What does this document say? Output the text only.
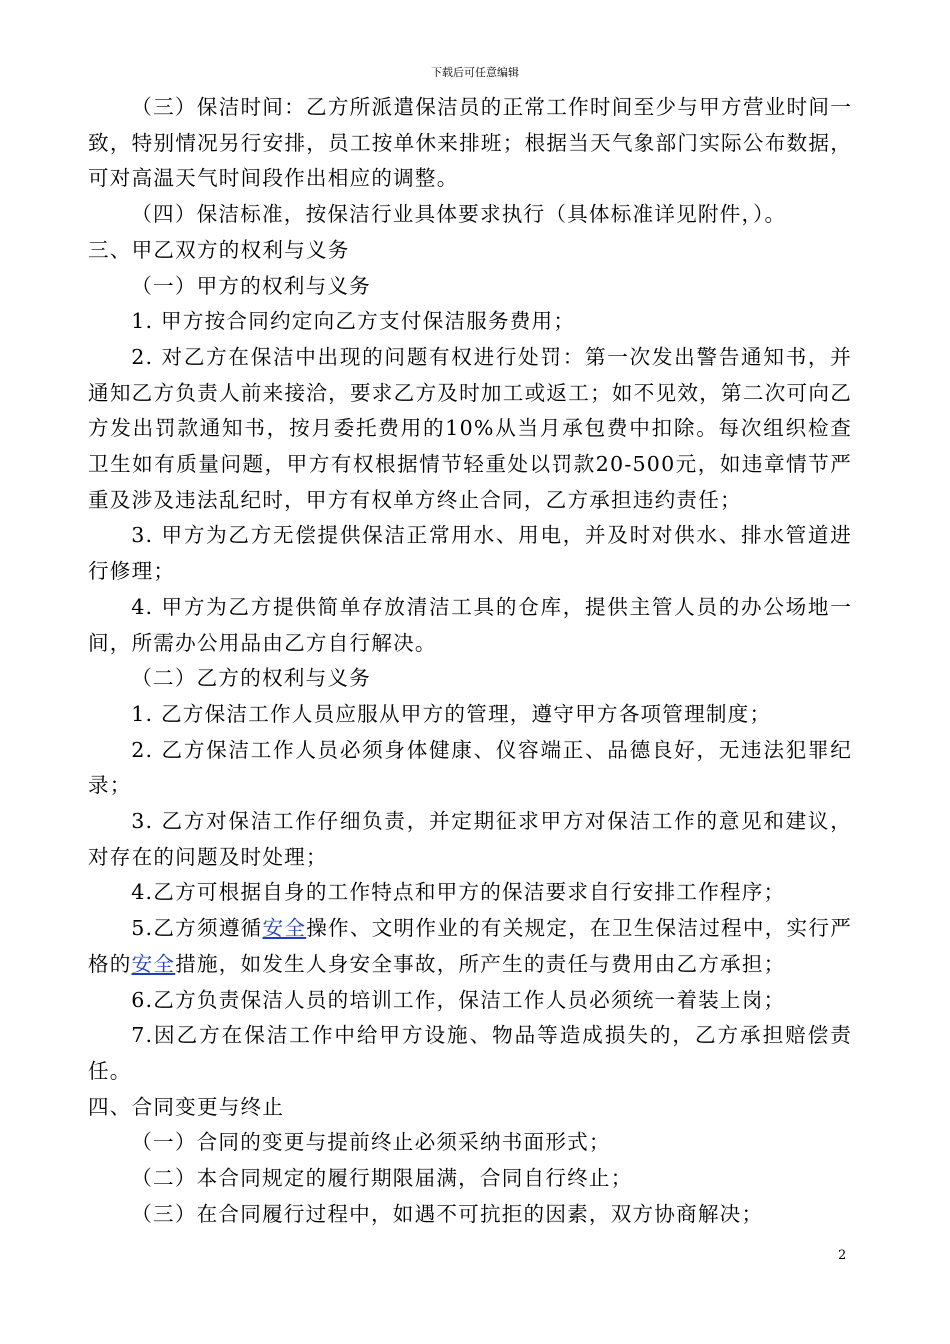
下载后可任意编辑

（三）保洁时间：乙方所派遣保洁员的正常工作时间至少与甲方营业时间一致，特别情况另行安排，员工按单休来排班；根据当天气象部门实际公布数据，可对高温天气时间段作出相应的调整。

（四）保洁标准，按保洁行业具体要求执行（具体标准详见附件，）。

三、甲乙双方的权利与义务

（一）甲方的权利与义务

1. 甲方按合同约定向乙方支付保洁服务费用；

2. 对乙方在保洁中出现的问题有权进行处罚：第一次发出警告通知书，并通知乙方负责人前来接洽，要求乙方及时加工或返工；如不见效，第二次可向乙方发出罚款通知书，按月委托费用的10%从当月承包费中扣除。每次组织检查卫生如有质量问题，甲方有权根据情节轻重处以罚款20-500元，如违章情节严重及涉及违法乱纪时，甲方有权单方终止合同，乙方承担违约责任；

3. 甲方为乙方无偿提供保洁正常用水、用电，并及时对供水、排水管道进行修理；

4. 甲方为乙方提供简单存放清洁工具的仓库，提供主管人员的办公场地一间，所需办公用品由乙方自行解决。

（二）乙方的权利与义务

1. 乙方保洁工作人员应服从甲方的管理，遵守甲方各项管理制度；

2. 乙方保洁工作人员必须身体健康、仪容端正、品德良好，无违法犯罪纪录；

3. 乙方对保洁工作仔细负责，并定期征求甲方对保洁工作的意见和建议，对存在的问题及时处理；

4.乙方可根据自身的工作特点和甲方的保洁要求自行安排工作程序；

5.乙方须遵循安全操作、文明作业的有关规定，在卫生保洁过程中，实行严格的安全措施，如发生人身安全事故，所产生的责任与费用由乙方承担；

6.乙方负责保洁人员的培训工作，保洁工作人员必须统一着装上岗；

7.因乙方在保洁工作中给甲方设施、物品等造成损失的，乙方承担赔偿责任。

四、合同变更与终止

（一）合同的变更与提前终止必须采纳书面形式；

（二）本合同规定的履行期限届满，合同自行终止；

（三）在合同履行过程中，如遇不可抗拒的因素，双方协商解决；

2
